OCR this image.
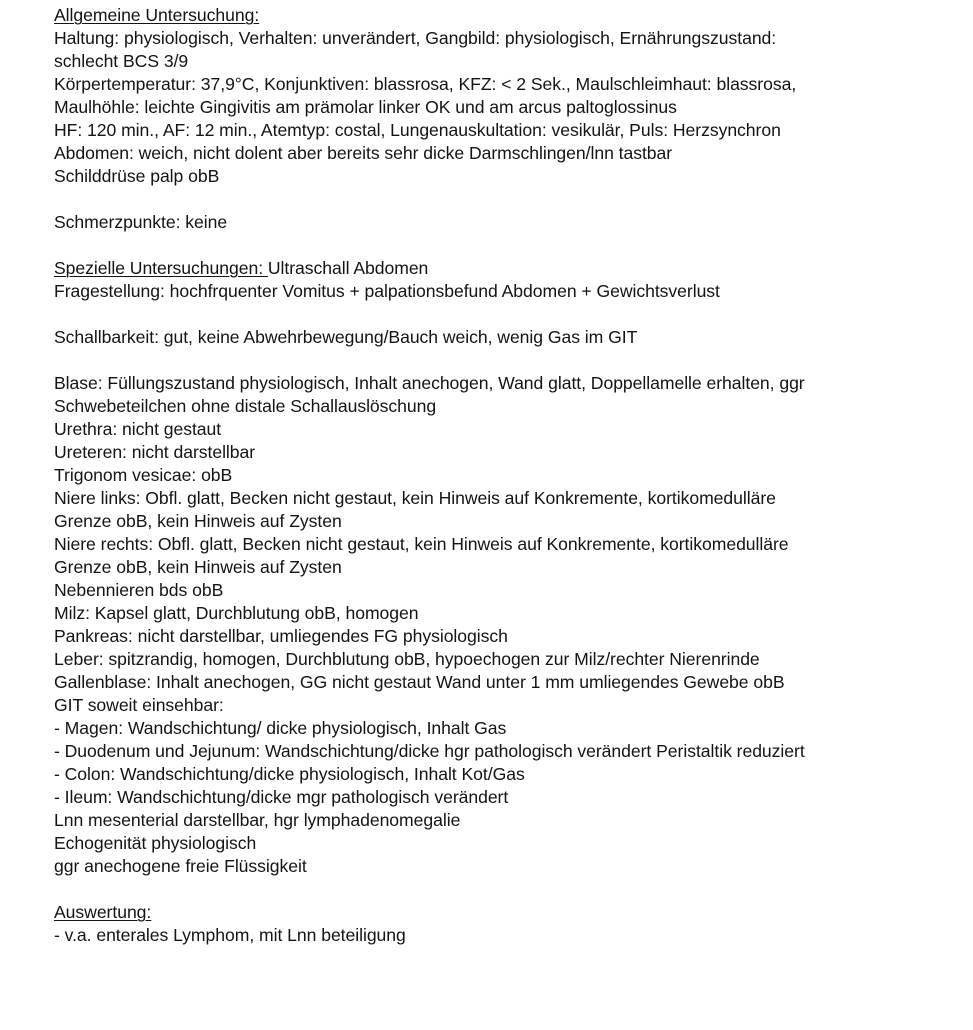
Allgemeine Untersuchung:
Haltung: physiologisch, Verhalten: unverändert, Gangbild: physiologisch, Ernährungszustand:
schlecht BCS 3/9
Körpertemperatur: 37,9°C, Konjunktiven: blassrosa, KFZ: < 2 Sek., Maulschleimhaut: blassrosa,
Maulhöhle: leichte Gingivitis am prämolar linker OK und am arcus paltoglossinus
HF: 120 min., AF: 12 min., Atemtyp: costal, Lungenauskultation: vesikulär, Puls: Herzsynchron
Abdomen: weich, nicht dolent aber bereits sehr dicke Darmschlingen/lnn tastbar
Schilddrüse palp obB
Schmerzpunkte: keine
Spezielle Untersuchungen: Ultraschall Abdomen
Fragestellung: hochfrquenter Vomitus + palpationsbefund Abdomen + Gewichtsverlust
Schallbarkeit: gut, keine Abwehrbewegung/Bauch weich, wenig Gas im GIT
Blase: Füllungszustand physiologisch, Inhalt anechogen, Wand glatt, Doppellamelle erhalten, ggr
Schwebeteilchen ohne distale Schallauslöschung
Urethra: nicht gestaut
Ureteren: nicht darstellbar
Trigonom vesicae: obB
Niere links: Obfl. glatt, Becken nicht gestaut, kein Hinweis auf Konkremente, kortikomedulläre
Grenze obB, kein Hinweis auf Zysten
Niere rechts: Obfl. glatt, Becken nicht gestaut, kein Hinweis auf Konkremente, kortikomedulläre
Grenze obB, kein Hinweis auf Zysten
Nebennieren bds obB
Milz: Kapsel glatt, Durchblutung obB, homogen
Pankreas: nicht darstellbar, umliegendes FG physiologisch
Leber: spitzrandig, homogen, Durchblutung obB, hypoechogen zur Milz/rechter Nierenrinde
Gallenblase: Inhalt anechogen, GG nicht gestaut Wand unter 1 mm umliegendes Gewebe obB
GIT soweit einsehbar:
- Magen: Wandschichtung/ dicke physiologisch, Inhalt Gas
- Duodenum und Jejunum: Wandschichtung/dicke hgr pathologisch verändert Peristaltik reduziert
- Colon: Wandschichtung/dicke physiologisch, Inhalt Kot/Gas
- Ileum: Wandschichtung/dicke mgr pathologisch verändert
Lnn mesenterial darstellbar, hgr lymphadenomegalie
Echogenität physiologisch
ggr anechogene freie Flüssigkeit
Auswertung:
- v.a. enterales Lymphom, mit Lnn beteiligung
